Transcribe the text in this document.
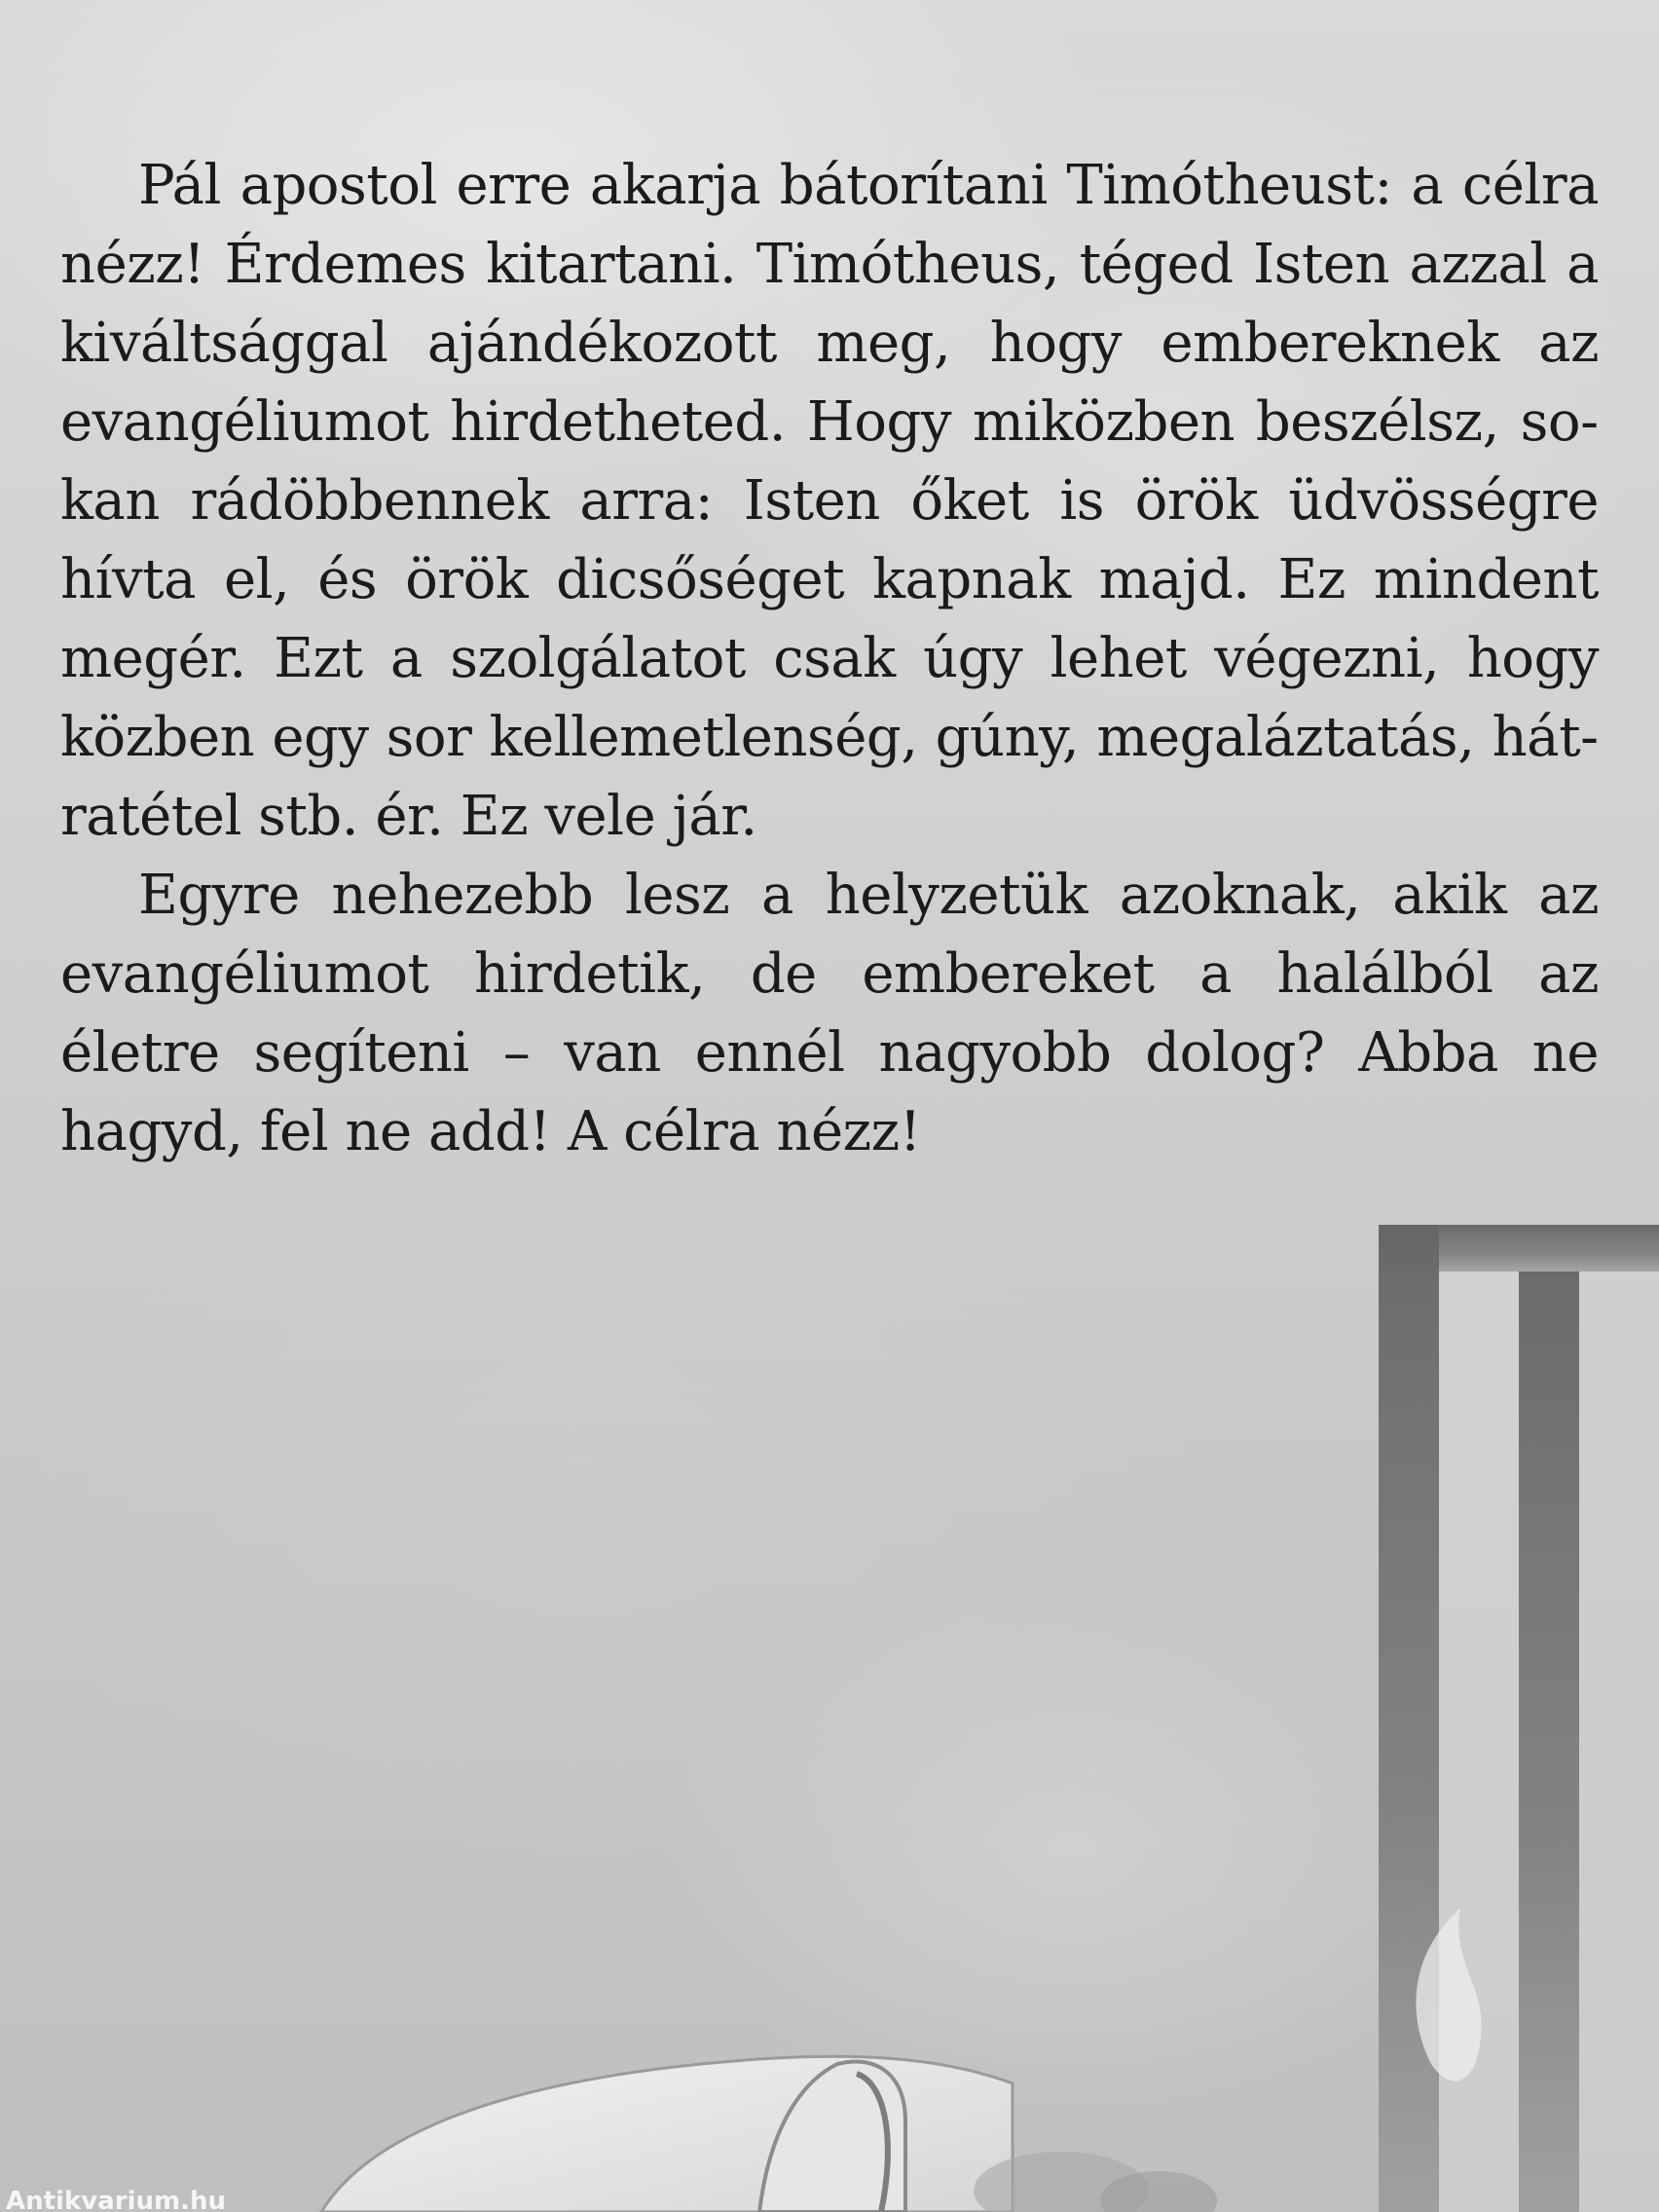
Pál apostol erre akarja bátorítani Timótheust: a célra nézz! Érdemes kitartani. Timótheus, téged Isten azzal a kiváltsággal ajándékozott meg, hogy embereknek az evangéliumot hirdetheted. Hogy miközben beszélsz, sokan rádöbbennek arra: Isten őket is örök üdvösségre hívta el, és örök dicsőséget kapnak majd. Ez mindent megér. Ezt a szolgálatot csak úgy lehet végezni, hogy közben egy sor kellemetlenség, gúny, megaláztatás, hátratétel stb. ér. Ez vele jár.

Egyre nehezebb lesz a helyzetük azoknak, akik az evangéliumot hirdetik, de embereket a halálból az életre segíteni – van ennél nagyobb dolog? Abba ne hagyd, fel ne add! A célra nézz!

Antikvarium.hu
